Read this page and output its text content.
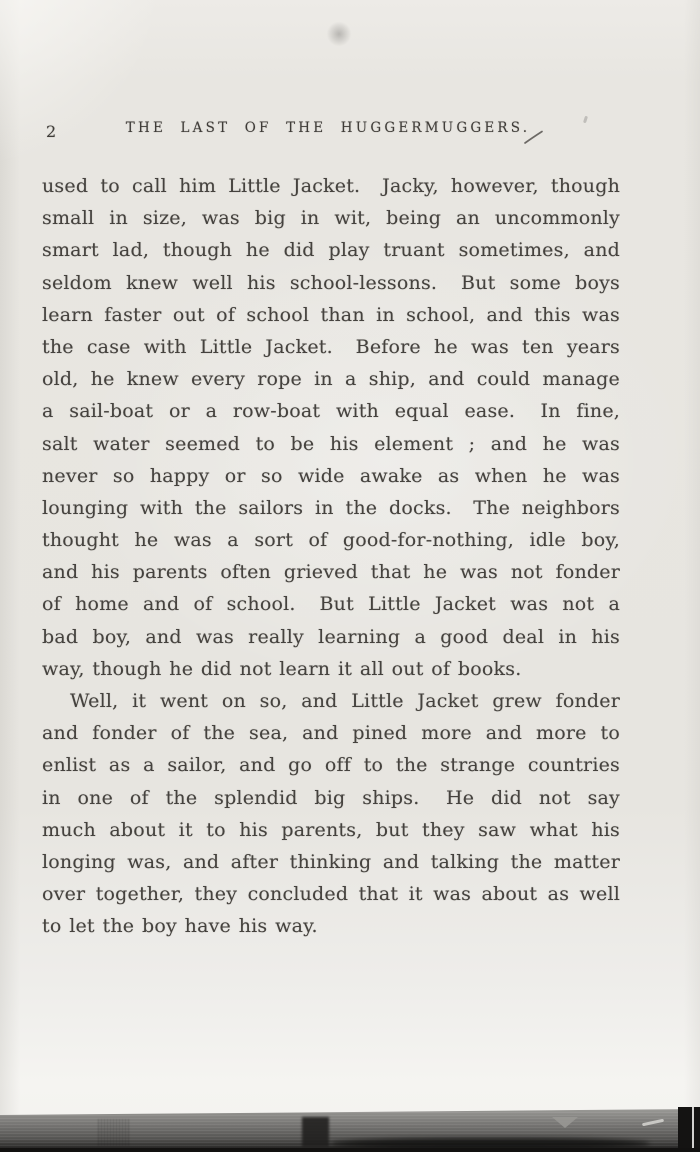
2	THE LAST OF THE HUGGERMUGGERS.
used to call him Little Jacket.  Jacky, however, though
small in size, was big in wit, being an uncommonly
smart lad, though he did play truant sometimes, and
seldom knew well his school-lessons.  But some boys
learn faster out of school than in school, and this was
the case with Little Jacket.  Before he was ten years
old, he knew every rope in a ship, and could manage
a sail-boat or a row-boat with equal ease.  In fine,
salt water seemed to be his element ; and he was
never so happy or so wide awake as when he was
lounging with the sailors in the docks.  The neighbors
thought he was a sort of good-for-nothing, idle boy,
and his parents often grieved that he was not fonder
of home and of school.  But Little Jacket was not a
bad boy, and was really learning a good deal in his
way, though he did not learn it all out of books.
Well, it went on so, and Little Jacket grew fonder
and fonder of the sea, and pined more and more to
enlist as a sailor, and go off to the strange countries
in one of the splendid big ships.  He did not say
much about it to his parents, but they saw what his
longing was, and after thinking and talking the matter
over together, they concluded that it was about as well
to let the boy have his way.
